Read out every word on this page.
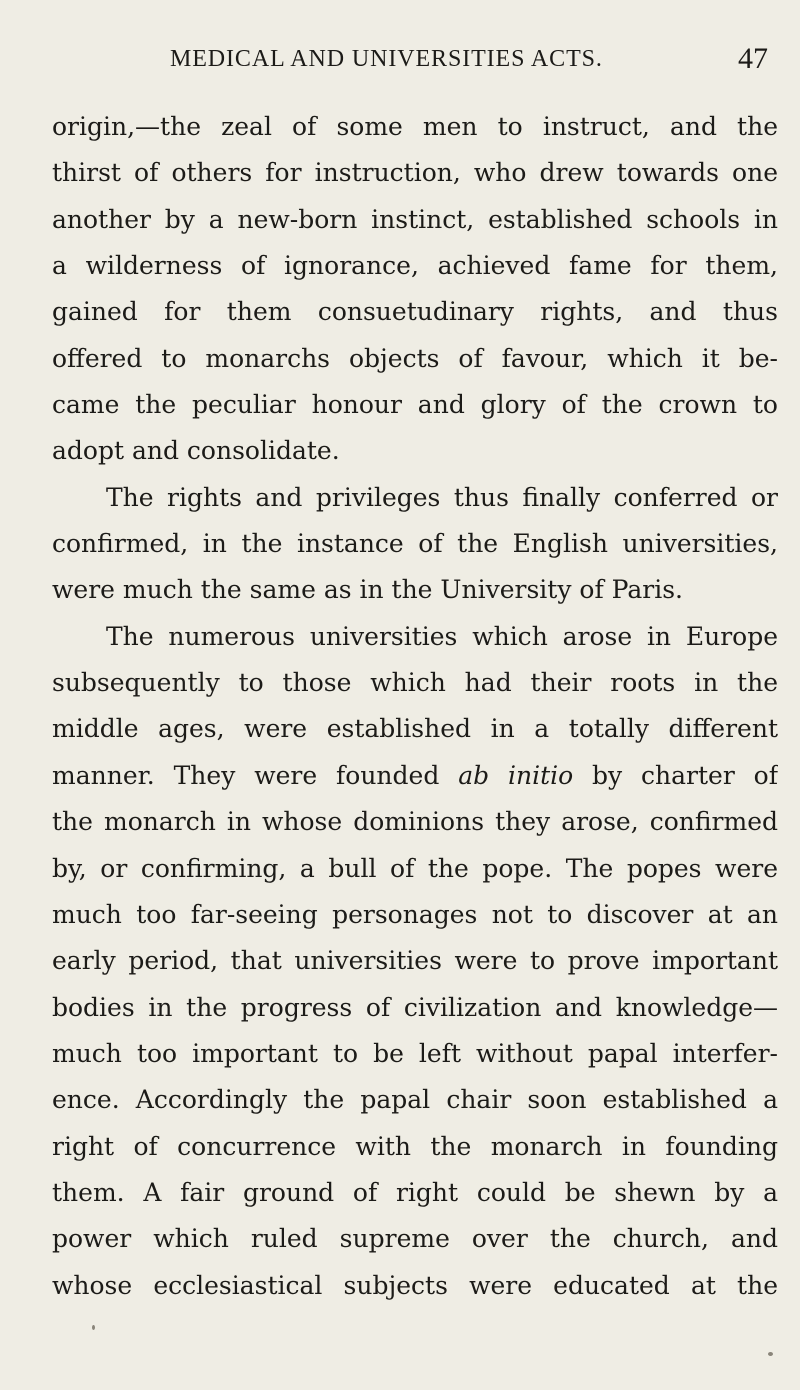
MEDICAL AND UNIVERSITIES ACTS.	47
origin,—the zeal of some men to instruct, and the
thirst of others for instruction, who drew towards one
another by a new-born instinct, established schools in
a wilderness of ignorance, achieved fame for them,
gained for them consuetudinary rights, and thus
offered to monarchs objects of favour, which it be-
came the peculiar honour and glory of the crown to
adopt and consolidate.
The rights and privileges thus finally conferred or
confirmed, in the instance of the English universities,
were much the same as in the University of Paris.
The numerous universities which arose in Europe
subsequently to those which had their roots in the
middle ages, were established in a totally different
manner. They were founded ab initio by charter of
the monarch in whose dominions they arose, confirmed
by, or confirming, a bull of the pope. The popes were
much too far-seeing personages not to discover at an
early period, that universities were to prove important
bodies in the progress of civilization and knowledge—
much too important to be left without papal interfer-
ence. Accordingly the papal chair soon established a
right of concurrence with the monarch in founding
them. A fair ground of right could be shewn by a
power which ruled supreme over the church, and
whose ecclesiastical subjects were educated at the
